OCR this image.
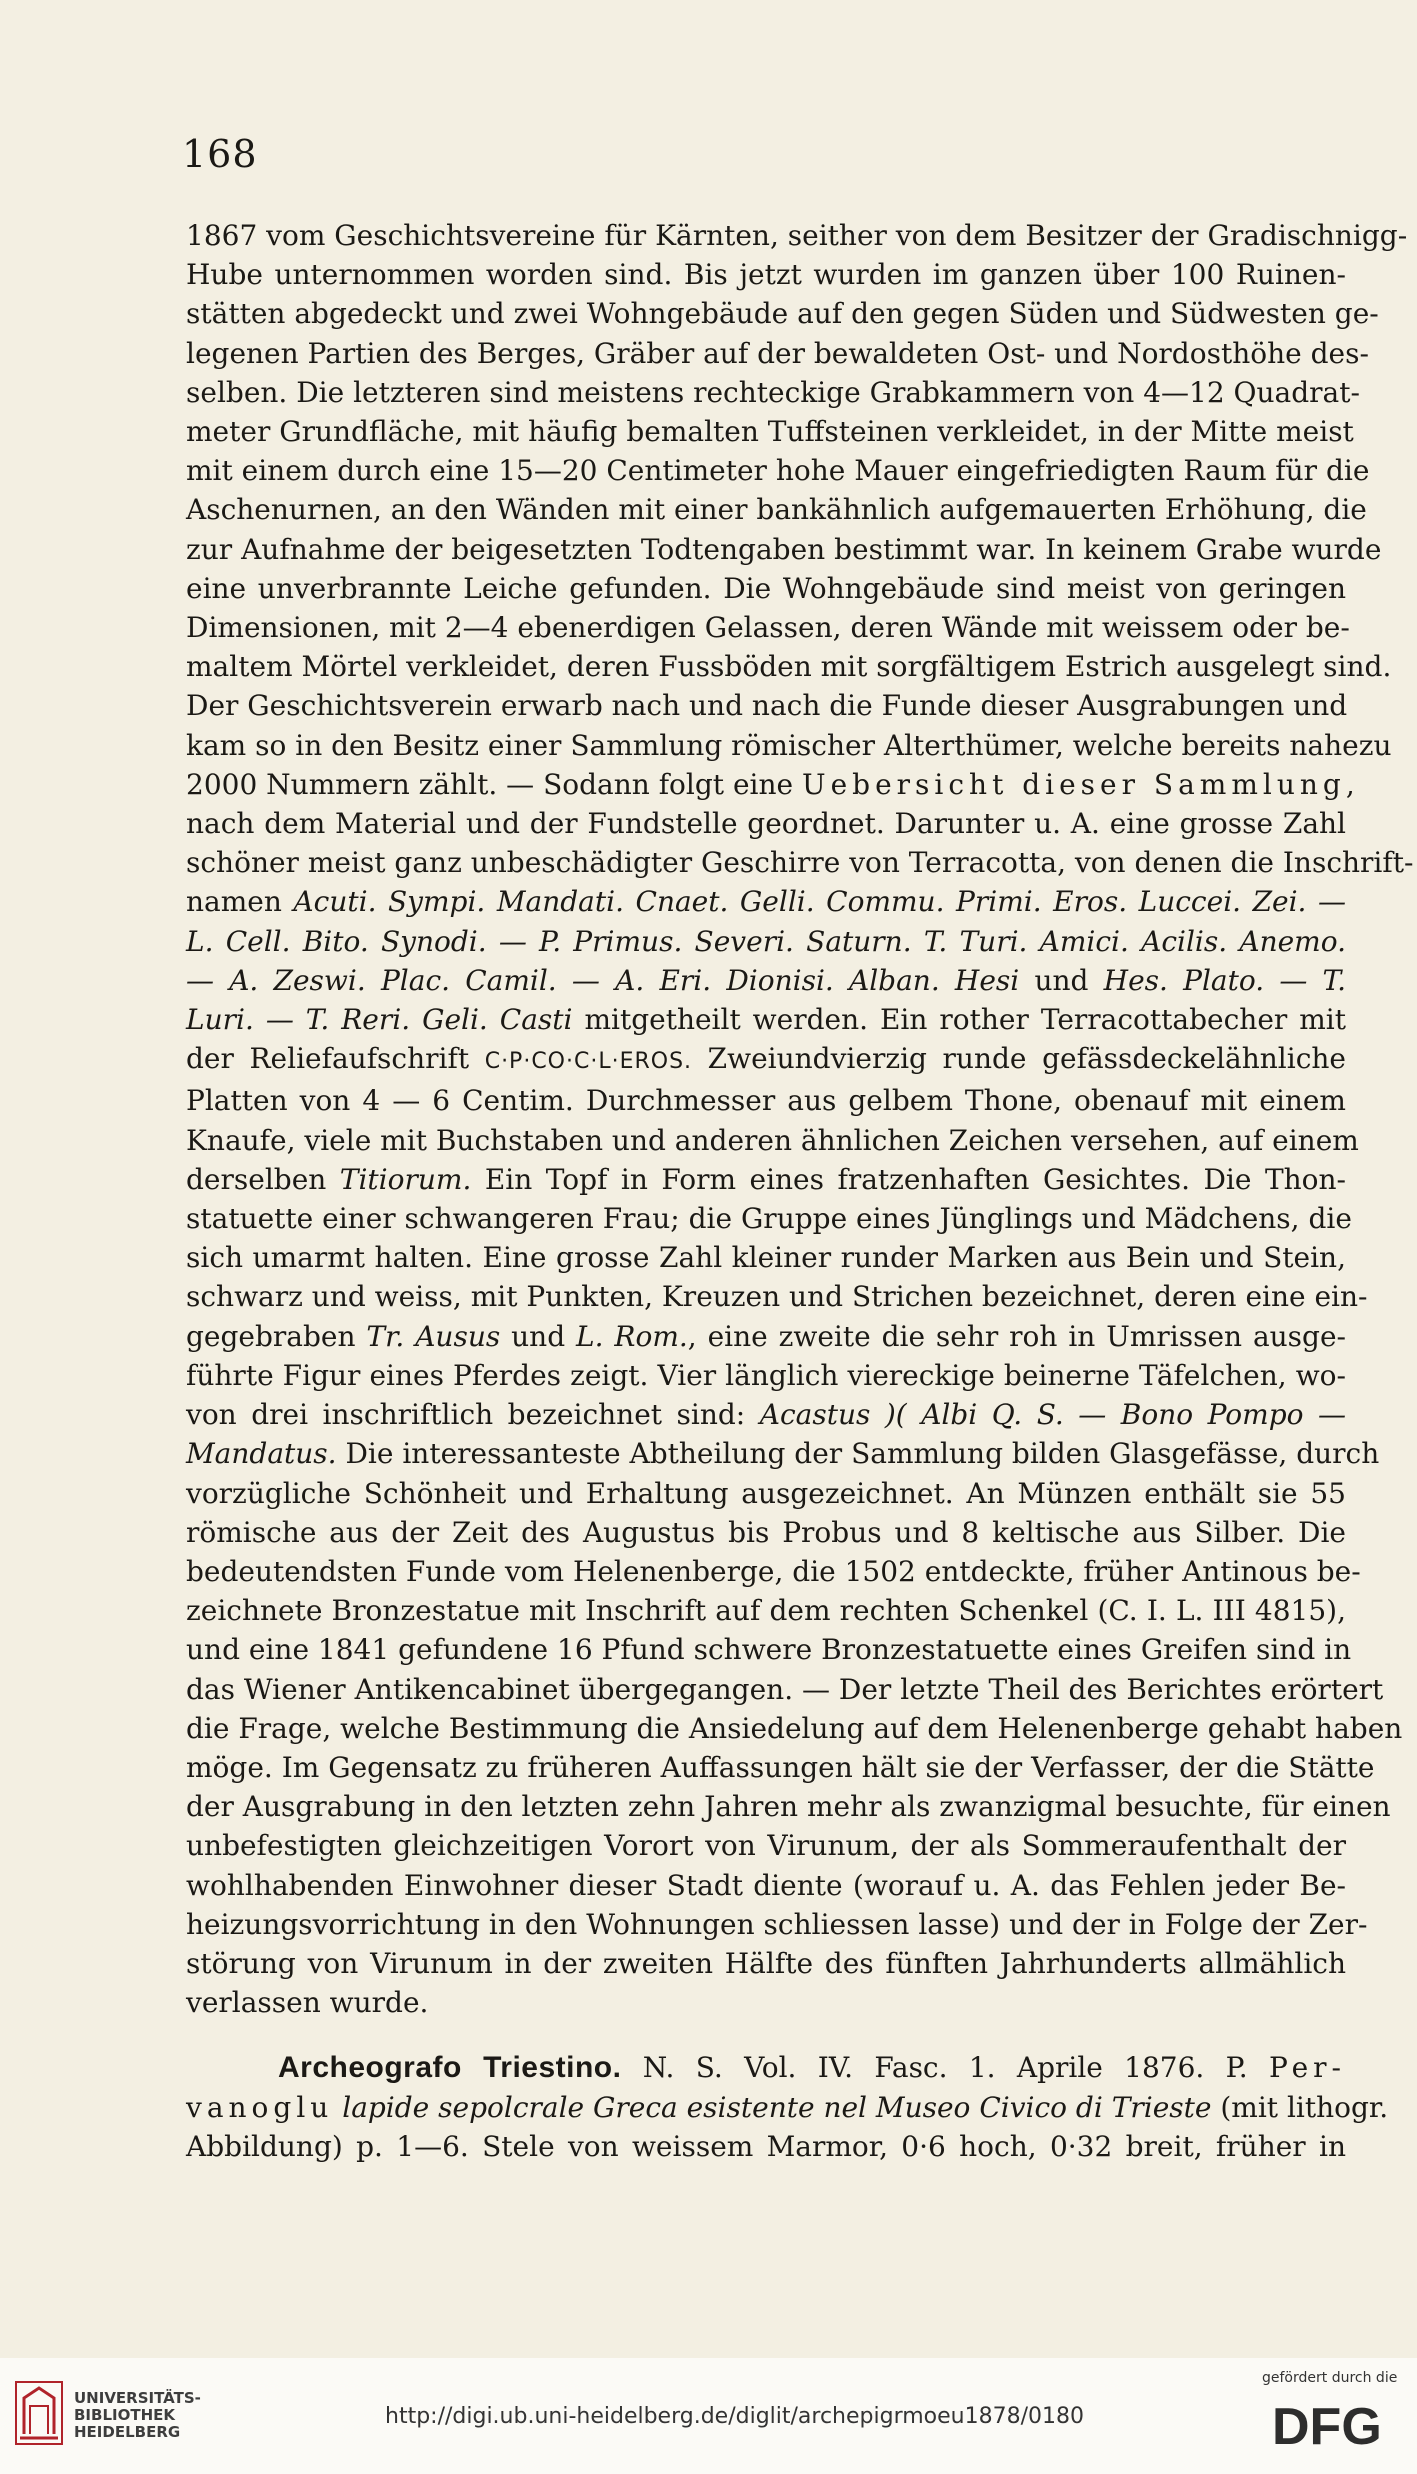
168
1867 vom Geschichtsvereine für Kärnten, seither von dem Besitzer der Gradischnigg-
Hube unternommen worden sind. Bis jetzt wurden im ganzen über 100 Ruinen-
stätten abgedeckt und zwei Wohngebäude auf den gegen Süden und Südwesten ge-
legenen Partien des Berges, Gräber auf der bewaldeten Ost- und Nordosthöhe des-
selben. Die letzteren sind meistens rechteckige Grabkammern von 4—12 Quadrat-
meter Grundfläche, mit häufig bemalten Tuffsteinen verkleidet, in der Mitte meist
mit einem durch eine 15—20 Centimeter hohe Mauer eingefriedigten Raum für die
Aschenurnen, an den Wänden mit einer bankähnlich aufgemauerten Erhöhung, die
zur Aufnahme der beigesetzten Todtengaben bestimmt war. In keinem Grabe wurde
eine unverbrannte Leiche gefunden. Die Wohngebäude sind meist von geringen
Dimensionen, mit 2—4 ebenerdigen Gelassen, deren Wände mit weissem oder be-
maltem Mörtel verkleidet, deren Fussböden mit sorgfältigem Estrich ausgelegt sind.
Der Geschichtsverein erwarb nach und nach die Funde dieser Ausgrabungen und
kam so in den Besitz einer Sammlung römischer Alterthümer, welche bereits nahezu
2000 Nummern zählt. — Sodann folgt eine Uebersicht dieser Sammlung,
nach dem Material und der Fundstelle geordnet. Darunter u. A. eine grosse Zahl
schöner meist ganz unbeschädigter Geschirre von Terracotta, von denen die Inschrift-
namen Acuti. Sympi. Mandati. Cnaet. Gelli. Commu. Primi. Eros. Luccei. Zei. —
L. Cell. Bito. Synodi. — P. Primus. Severi. Saturn. T. Turi. Amici. Acilis. Anemo.
— A. Zeswi. Plac. Camil. — A. Eri. Dionisi. Alban. Hesi und Hes. Plato. — T.
Luri. — T. Reri. Geli. Casti mitgetheilt werden. Ein rother Terracottabecher mit
der Reliefaufschrift C·P·CO·C·L·EROS. Zweiundvierzig runde gefässdeckelähnliche
Platten von 4 — 6 Centim. Durchmesser aus gelbem Thone, obenauf mit einem
Knaufe, viele mit Buchstaben und anderen ähnlichen Zeichen versehen, auf einem
derselben Titiorum. Ein Topf in Form eines fratzenhaften Gesichtes. Die Thon-
statuette einer schwangeren Frau; die Gruppe eines Jünglings und Mädchens, die
sich umarmt halten. Eine grosse Zahl kleiner runder Marken aus Bein und Stein,
schwarz und weiss, mit Punkten, Kreuzen und Strichen bezeichnet, deren eine ein-
gegebraben Tr. Ausus und L. Rom., eine zweite die sehr roh in Umrissen ausge-
führte Figur eines Pferdes zeigt. Vier länglich viereckige beinerne Täfelchen, wo-
von drei inschriftlich bezeichnet sind: Acastus )( Albi Q. S. — Bono Pompo —
Mandatus. Die interessanteste Abtheilung der Sammlung bilden Glasgefässe, durch
vorzügliche Schönheit und Erhaltung ausgezeichnet. An Münzen enthält sie 55
römische aus der Zeit des Augustus bis Probus und 8 keltische aus Silber. Die
bedeutendsten Funde vom Helenenberge, die 1502 entdeckte, früher Antinous be-
zeichnete Bronzestatue mit Inschrift auf dem rechten Schenkel (C. I. L. III 4815),
und eine 1841 gefundene 16 Pfund schwere Bronzestatuette eines Greifen sind in
das Wiener Antikencabinet übergegangen. — Der letzte Theil des Berichtes erörtert
die Frage, welche Bestimmung die Ansiedelung auf dem Helenenberge gehabt haben
möge. Im Gegensatz zu früheren Auffassungen hält sie der Verfasser, der die Stätte
der Ausgrabung in den letzten zehn Jahren mehr als zwanzigmal besuchte, für einen
unbefestigten gleichzeitigen Vorort von Virunum, der als Sommeraufenthalt der
wohlhabenden Einwohner dieser Stadt diente (worauf u. A. das Fehlen jeder Be-
heizungsvorrichtung in den Wohnungen schliessen lasse) und der in Folge der Zer-
störung von Virunum in der zweiten Hälfte des fünften Jahrhunderts allmählich
verlassen wurde.
Archeografo Triestino. N. S. Vol. IV. Fasc. 1. Aprile 1876. P. Per-
vanoglu lapide sepolcrale Greca esistente nel Museo Civico di Trieste (mit lithogr.
Abbildung) p. 1—6. Stele von weissem Marmor, 0·6 hoch, 0·32 breit, früher in
UNIVERSITÄTS-
BIBLIOTHEK
HEIDELBERG
http://digi.ub.uni-heidelberg.de/diglit/archepigrmoeu1878/0180
gefördert durch die
DFG
